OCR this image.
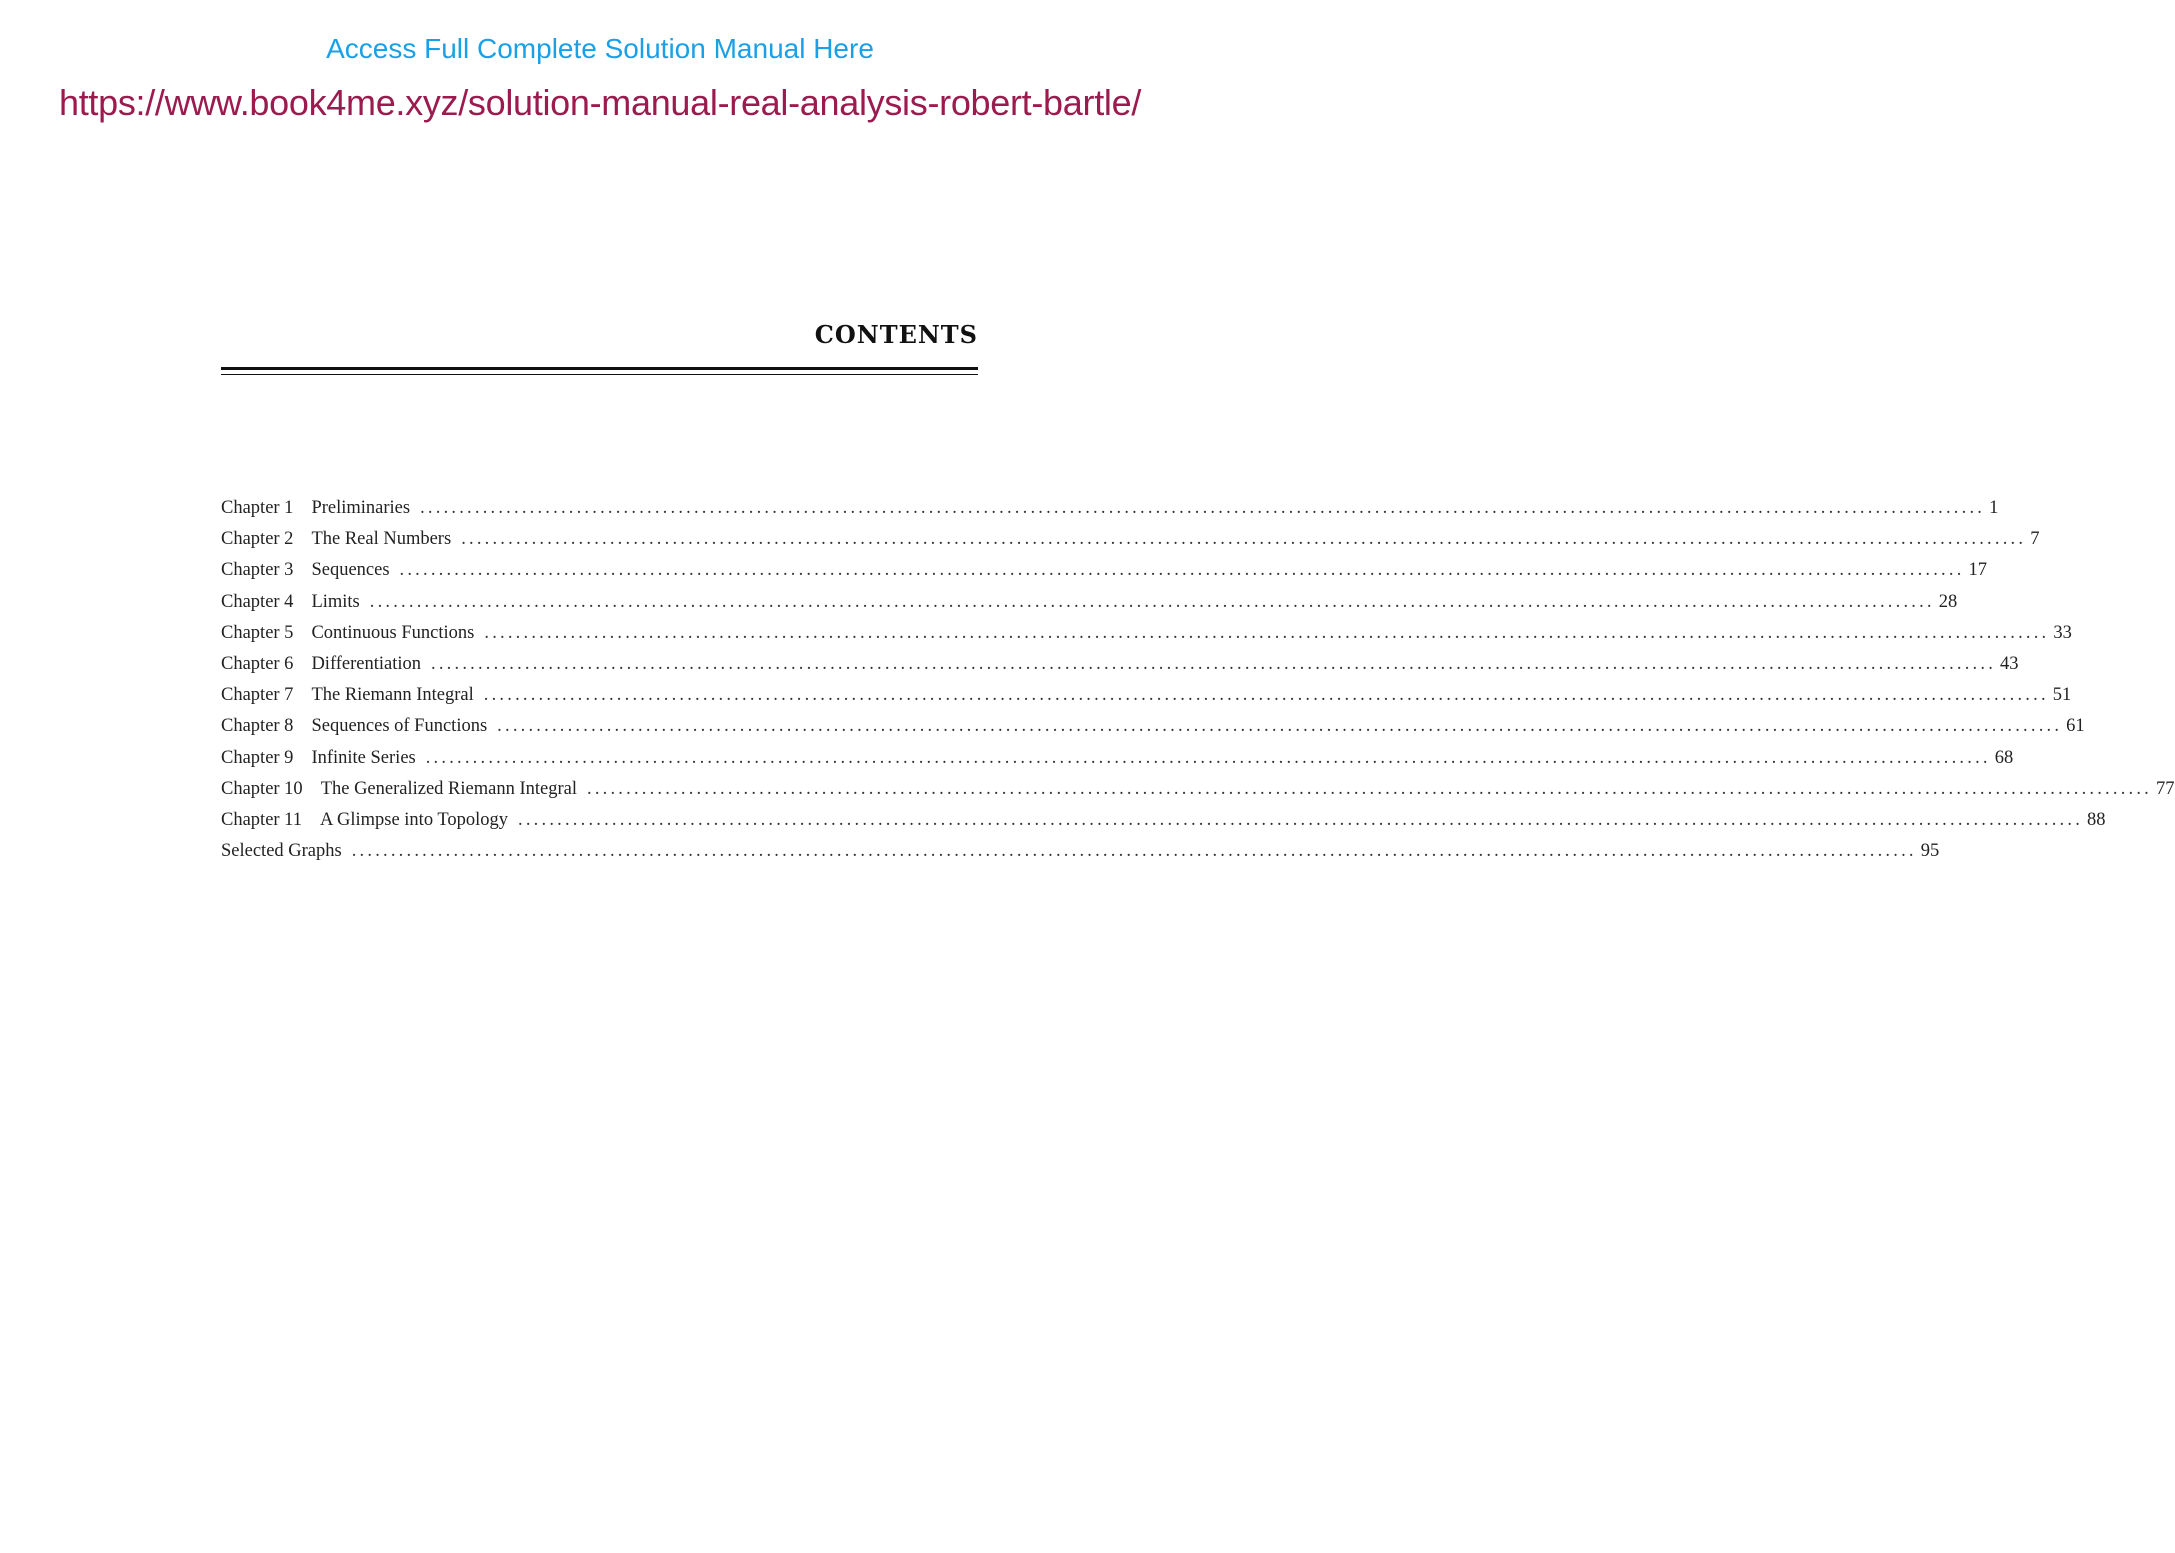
Access Full Complete Solution Manual Here
https://www.book4me.xyz/solution-manual-real-analysis-robert-bartle/
CONTENTS
Chapter 1 Preliminaries ........................................................................................................................................................................................................ 1
Chapter 2 The Real Numbers ........................................................................................................................................................................................................ 7
Chapter 3 Sequences ........................................................................................................................................................................................................ 17
Chapter 4 Limits ........................................................................................................................................................................................................ 28
Chapter 5 Continuous Functions ........................................................................................................................................................................................................ 33
Chapter 6 Differentiation ........................................................................................................................................................................................................ 43
Chapter 7 The Riemann Integral ........................................................................................................................................................................................................ 51
Chapter 8 Sequences of Functions ........................................................................................................................................................................................................ 61
Chapter 9 Infinite Series ........................................................................................................................................................................................................ 68
Chapter 10 The Generalized Riemann Integral ........................................................................................................................................................................................................ 77
Chapter 11 A Glimpse into Topology ........................................................................................................................................................................................................ 88
Selected Graphs ........................................................................................................................................................................................................ 95
